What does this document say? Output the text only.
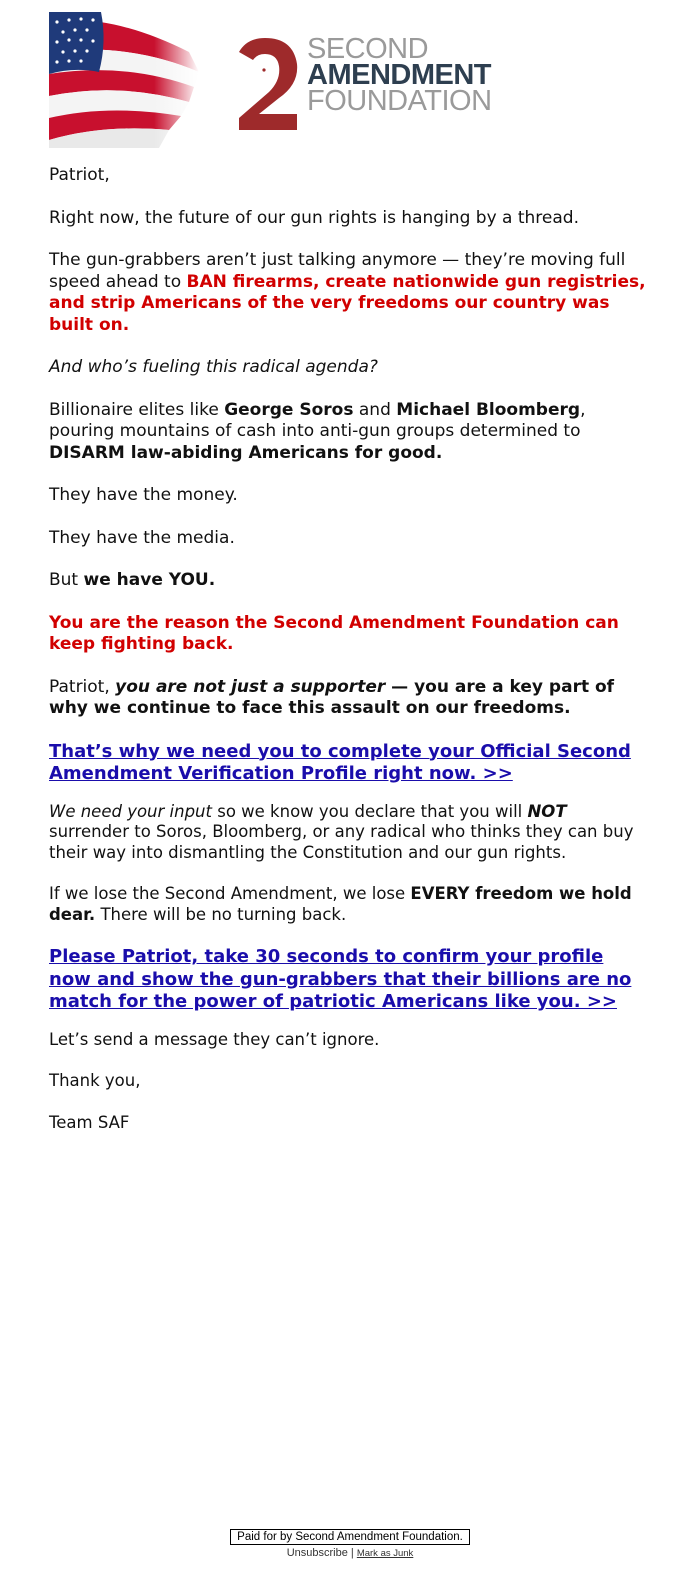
SECOND
AMENDMENT
FOUNDATION

Patriot,

Right now, the future of our gun rights is hanging by a thread.

The gun-grabbers aren’t just talking anymore — they’re moving full speed ahead to BAN firearms, create nationwide gun registries, and strip Americans of the very freedoms our country was built on.

And who’s fueling this radical agenda?

Billionaire elites like George Soros and Michael Bloomberg, pouring mountains of cash into anti-gun groups determined to DISARM law-abiding Americans for good.

They have the money.

They have the media.

But we have YOU.

You are the reason the Second Amendment Foundation can keep fighting back.

Patriot, you are not just a supporter — you are a key part of why we continue to face this assault on our freedoms.

That’s why we need you to complete your Official Second Amendment Verification Profile right now. >>

We need your input so we know you declare that you will NOT surrender to Soros, Bloomberg, or any radical who thinks they can buy their way into dismantling the Constitution and our gun rights.

If we lose the Second Amendment, we lose EVERY freedom we hold dear. There will be no turning back.

Please Patriot, take 30 seconds to confirm your profile now and show the gun-grabbers that their billions are no match for the power of patriotic Americans like you. >>

Let’s send a message they can’t ignore.

Thank you,

Team SAF

Paid for by Second Amendment Foundation.
Unsubscribe | Mark as Junk
